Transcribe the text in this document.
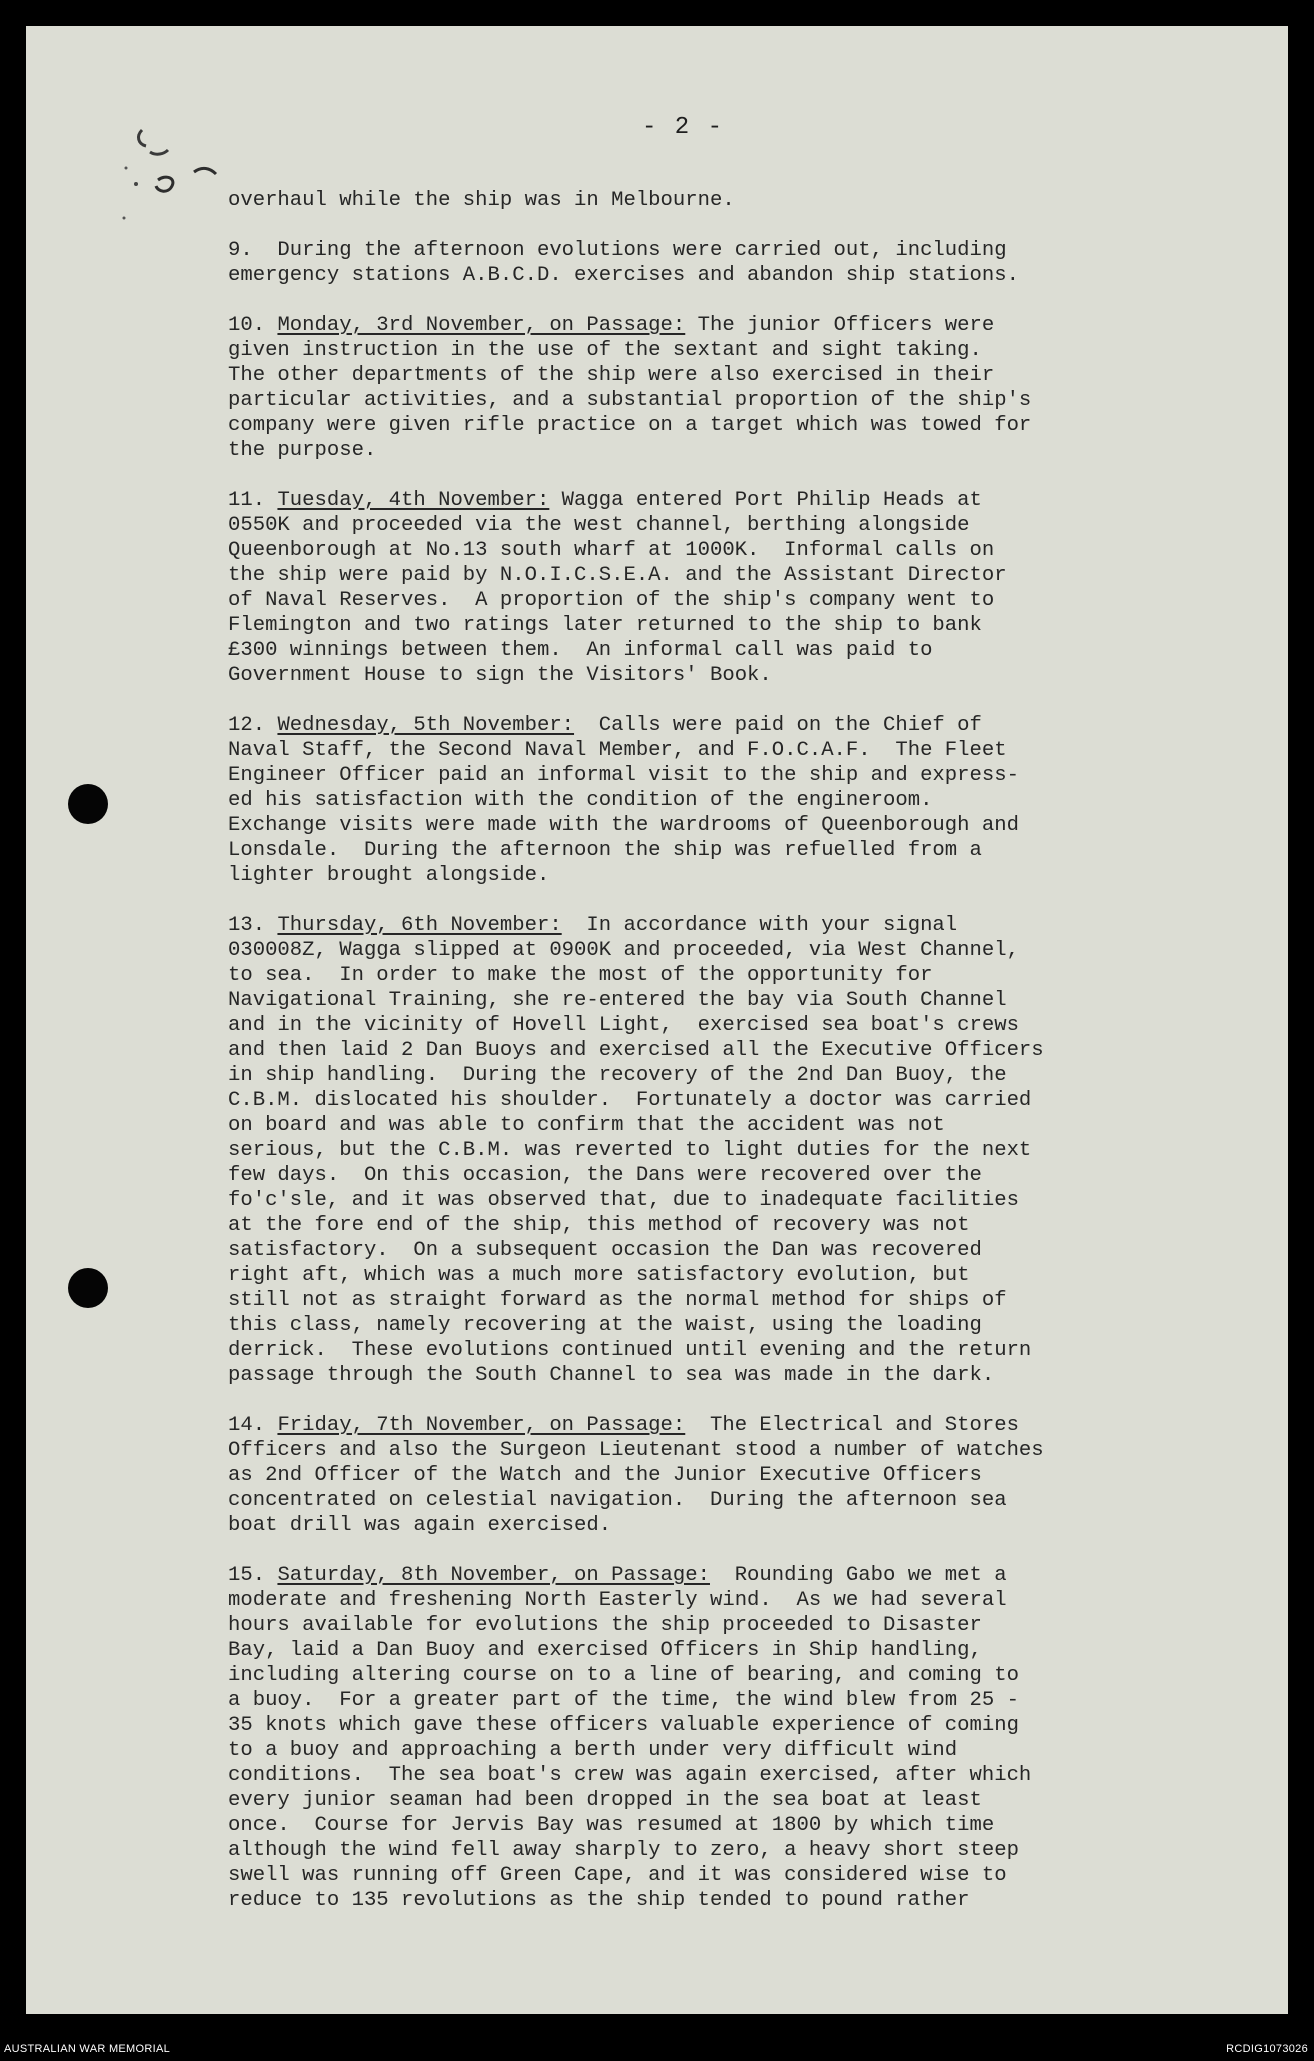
- 2 -
overhaul while the ship was in Melbourne.
9.  During the afternoon evolutions were carried out, including
emergency stations A.B.C.D. exercises and abandon ship stations.
10. Monday, 3rd November, on Passage: The junior Officers were
given instruction in the use of the sextant and sight taking.
The other departments of the ship were also exercised in their
particular activities, and a substantial proportion of the ship's
company were given rifle practice on a target which was towed for
the purpose.
11. Tuesday, 4th November: Wagga entered Port Philip Heads at
0550K and proceeded via the west channel, berthing alongside
Queenborough at No.13 south wharf at 1000K.  Informal calls on
the ship were paid by N.O.I.C.S.E.A. and the Assistant Director
of Naval Reserves.  A proportion of the ship's company went to
Flemington and two ratings later returned to the ship to bank
£300 winnings between them.  An informal call was paid to
Government House to sign the Visitors' Book.
12. Wednesday, 5th November:  Calls were paid on the Chief of
Naval Staff, the Second Naval Member, and F.O.C.A.F.  The Fleet
Engineer Officer paid an informal visit to the ship and express-
ed his satisfaction with the condition of the engineroom.
Exchange visits were made with the wardrooms of Queenborough and
Lonsdale.  During the afternoon the ship was refuelled from a
lighter brought alongside.
13. Thursday, 6th November:  In accordance with your signal
030008Z, Wagga slipped at 0900K and proceeded, via West Channel,
to sea.  In order to make the most of the opportunity for
Navigational Training, she re-entered the bay via South Channel
and in the vicinity of Hovell Light,  exercised sea boat's crews
and then laid 2 Dan Buoys and exercised all the Executive Officers
in ship handling.  During the recovery of the 2nd Dan Buoy, the
C.B.M. dislocated his shoulder.  Fortunately a doctor was carried
on board and was able to confirm that the accident was not
serious, but the C.B.M. was reverted to light duties for the next
few days.  On this occasion, the Dans were recovered over the
fo'c'sle, and it was observed that, due to inadequate facilities
at the fore end of the ship, this method of recovery was not
satisfactory.  On a subsequent occasion the Dan was recovered
right aft, which was a much more satisfactory evolution, but
still not as straight forward as the normal method for ships of
this class, namely recovering at the waist, using the loading
derrick.  These evolutions continued until evening and the return
passage through the South Channel to sea was made in the dark.
14. Friday, 7th November, on Passage:  The Electrical and Stores
Officers and also the Surgeon Lieutenant stood a number of watches
as 2nd Officer of the Watch and the Junior Executive Officers
concentrated on celestial navigation.  During the afternoon sea
boat drill was again exercised.
15. Saturday, 8th November, on Passage:  Rounding Gabo we met a
moderate and freshening North Easterly wind.  As we had several
hours available for evolutions the ship proceeded to Disaster
Bay, laid a Dan Buoy and exercised Officers in Ship handling,
including altering course on to a line of bearing, and coming to
a buoy.  For a greater part of the time, the wind blew from 25 -
35 knots which gave these officers valuable experience of coming
to a buoy and approaching a berth under very difficult wind
conditions.  The sea boat's crew was again exercised, after which
every junior seaman had been dropped in the sea boat at least
once.  Course for Jervis Bay was resumed at 1800 by which time
although the wind fell away sharply to zero, a heavy short steep
swell was running off Green Cape, and it was considered wise to
reduce to 135 revolutions as the ship tended to pound rather
AUSTRALIAN WAR MEMORIAL	RCDIG1073026
